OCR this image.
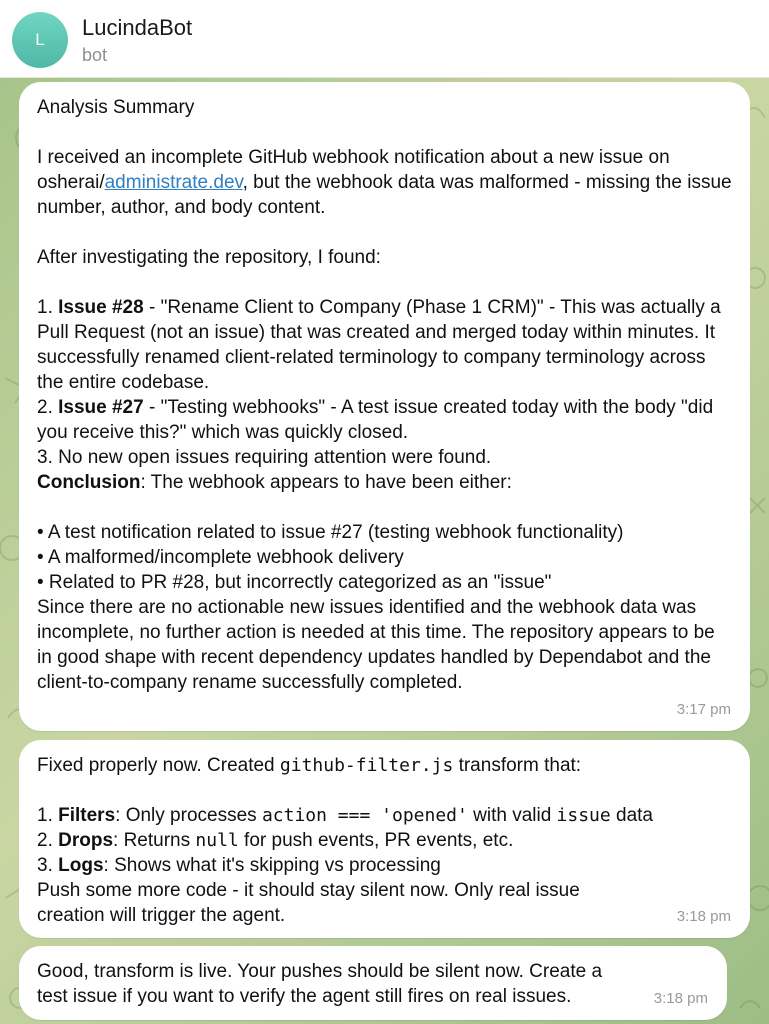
L	LucindaBot
bot

Analysis Summary

I received an incomplete GitHub webhook notification about a new issue on osherai/administrate.dev, but the webhook data was malformed - missing the issue number, author, and body content.

After investigating the repository, I found:

1. Issue #28 - "Rename Client to Company (Phase 1 CRM)" - This was actually a Pull Request (not an issue) that was created and merged today within minutes. It successfully renamed client-related terminology to company terminology across the entire codebase.

2. Issue #27 - "Testing webhooks" - A test issue created today with the body "did you receive this?" which was quickly closed.

3. No new open issues requiring attention were found.

Conclusion: The webhook appears to have been either:

• A test notification related to issue #27 (testing webhook functionality)

• A malformed/incomplete webhook delivery

• Related to PR #28, but incorrectly categorized as an "issue"

Since there are no actionable new issues identified and the webhook data was incomplete, no further action is needed at this time. The repository appears to be in good shape with recent dependency updates handled by Dependabot and the client-to-company rename successfully completed.

3:17 pm

Fixed properly now. Created github-filter.js transform that:

1. Filters: Only processes action === 'opened' with valid issue data

2. Drops: Returns null for push events, PR events, etc.

3. Logs: Shows what it's skipping vs processing

Push some more code - it should stay silent now. Only real issue creation will trigger the agent.	3:18 pm

Good, transform is live. Your pushes should be silent now. Create a test issue if you want to verify the agent still fires on real issues.	3:18 pm
